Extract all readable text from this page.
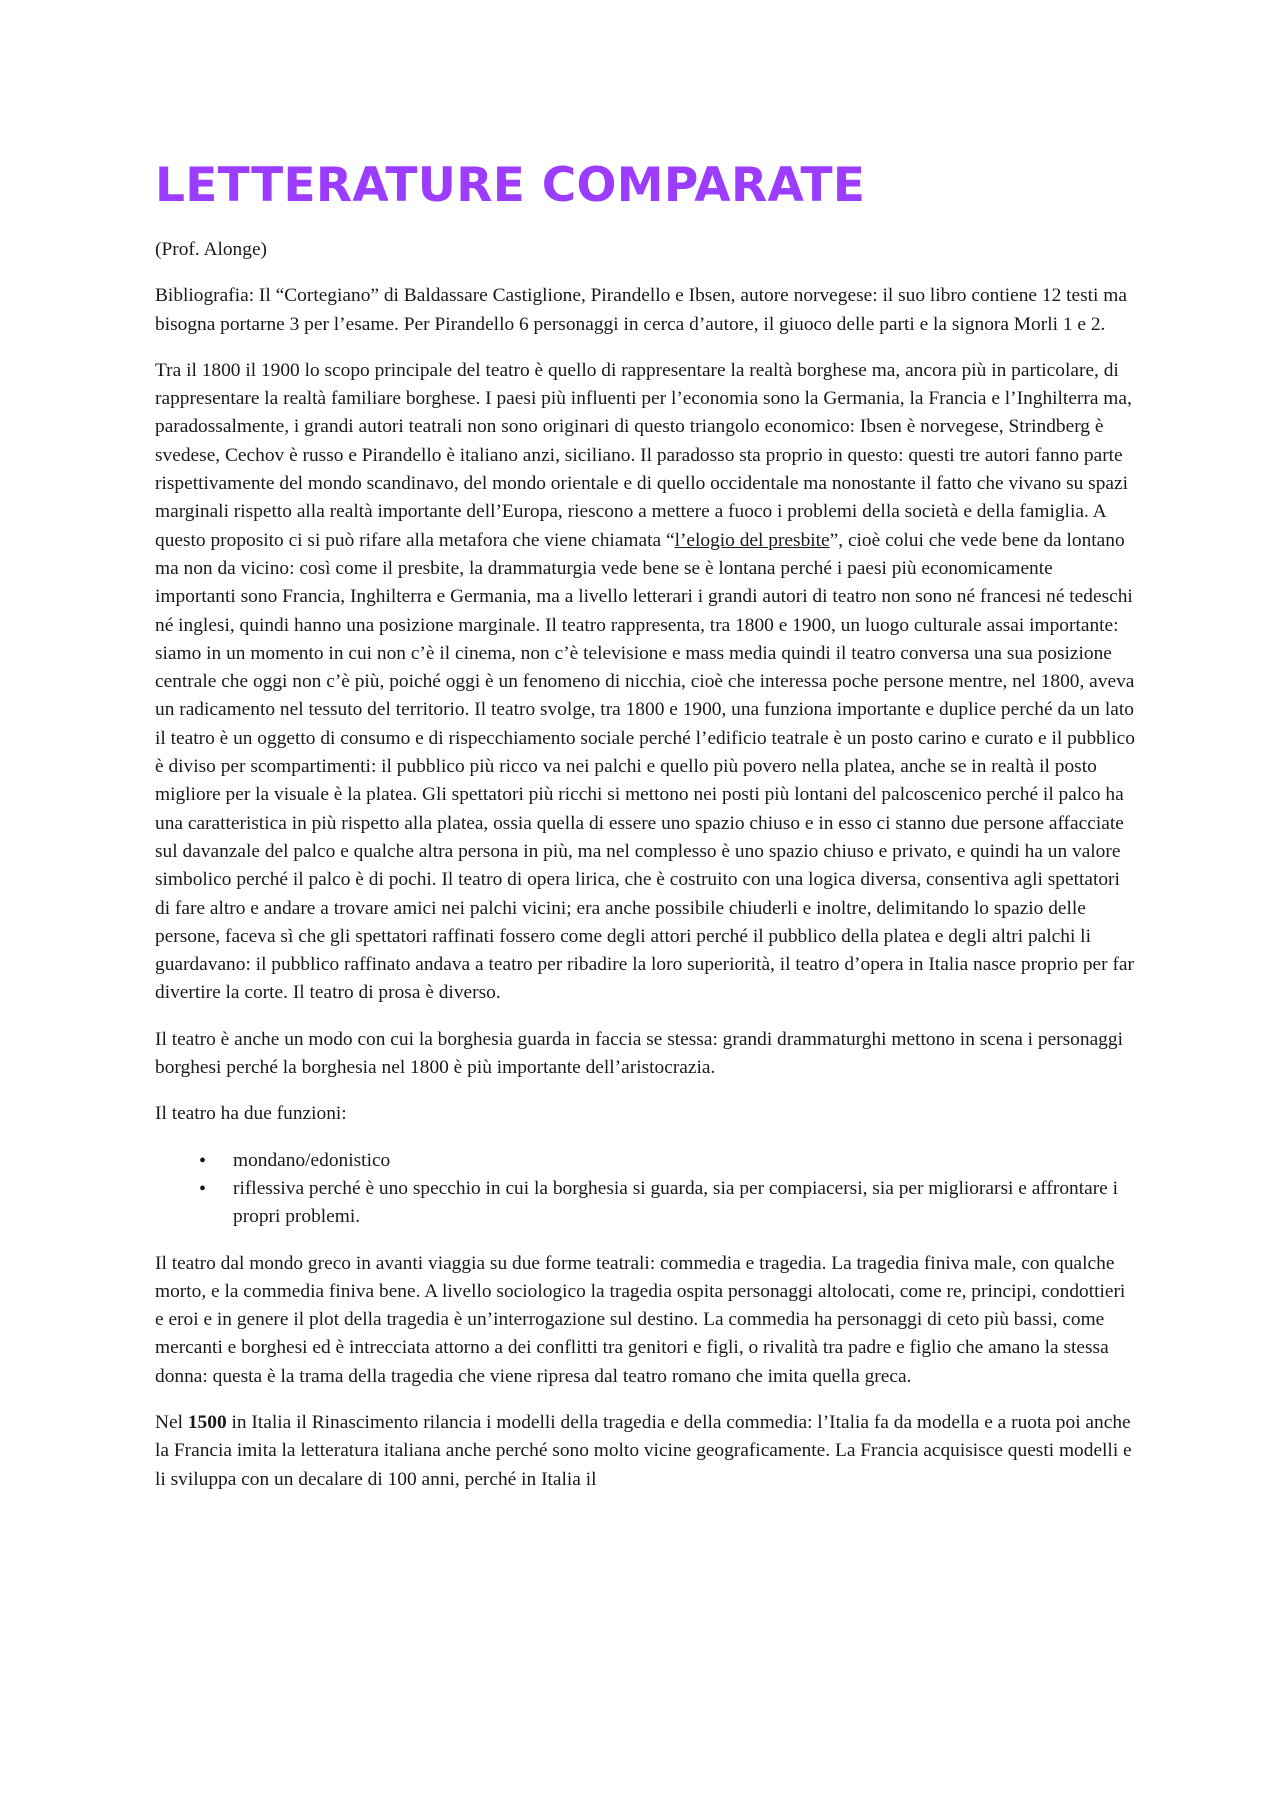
LETTERATURE COMPARATE

(Prof. Alonge)

Bibliografia: Il “Cortegiano” di Baldassare Castiglione, Pirandello e Ibsen, autore norvegese: il suo libro contiene 12 testi ma bisogna portarne 3 per l’esame. Per Pirandello 6 personaggi in cerca d’autore, il giuoco delle parti e la signora Morli 1 e 2.

Tra il 1800 il 1900 lo scopo principale del teatro è quello di rappresentare la realtà borghese ma, ancora più in particolare, di rappresentare la realtà familiare borghese. I paesi più influenti per l’economia sono la Germania, la Francia e l’Inghilterra ma, paradossalmente, i grandi autori teatrali non sono originari di questo triangolo economico: Ibsen è norvegese, Strindberg è svedese, Cechov è russo e Pirandello è italiano anzi, siciliano. Il paradosso sta proprio in questo: questi tre autori fanno parte rispettivamente del mondo scandinavo, del mondo orientale e di quello occidentale ma nonostante il fatto che vivano su spazi marginali rispetto alla realtà importante dell’Europa, riescono a mettere a fuoco i problemi della società e della famiglia. A questo proposito ci si può rifare alla metafora che viene chiamata “l’elogio del presbite”, cioè colui che vede bene da lontano ma non da vicino: così come il presbite, la drammaturgia vede bene se è lontana perché i paesi più economicamente importanti sono Francia, Inghilterra e Germania, ma a livello letterari i grandi autori di teatro non sono né francesi né tedeschi né inglesi, quindi hanno una posizione marginale. Il teatro rappresenta, tra 1800 e 1900, un luogo culturale assai importante: siamo in un momento in cui non c’è il cinema, non c’è televisione e mass media quindi il teatro conversa una sua posizione centrale che oggi non c’è più, poiché oggi è un fenomeno di nicchia, cioè che interessa poche persone mentre, nel 1800, aveva un radicamento nel tessuto del territorio. Il teatro svolge, tra 1800 e 1900, una funziona importante e duplice perché da un lato il teatro è un oggetto di consumo e di rispecchiamento sociale perché l’edificio teatrale è un posto carino e curato e il pubblico è diviso per scompartimenti: il pubblico più ricco va nei palchi e quello più povero nella platea, anche se in realtà il posto migliore per la visuale è la platea. Gli spettatori più ricchi si mettono nei posti più lontani del palcoscenico perché il palco ha una caratteristica in più rispetto alla platea, ossia quella di essere uno spazio chiuso e in esso ci stanno due persone affacciate sul davanzale del palco e qualche altra persona in più, ma nel complesso è uno spazio chiuso e privato, e quindi ha un valore simbolico perché il palco è di pochi. Il teatro di opera lirica, che è costruito con una logica diversa, consentiva agli spettatori di fare altro e andare a trovare amici nei palchi vicini; era anche possibile chiuderli e inoltre, delimitando lo spazio delle persone, faceva sì che gli spettatori raffinati fossero come degli attori perché il pubblico della platea e degli altri palchi li guardavano: il pubblico raffinato andava a teatro per ribadire la loro superiorità, il teatro d’opera in Italia nasce proprio per far divertire la corte. Il teatro di prosa è diverso.

Il teatro è anche un modo con cui la borghesia guarda in faccia se stessa: grandi drammaturghi mettono in scena i personaggi borghesi perché la borghesia nel 1800 è più importante dell’aristocrazia.

Il teatro ha due funzioni:

• mondano/edonistico
• riflessiva perché è uno specchio in cui la borghesia si guarda, sia per compiacersi, sia per migliorarsi e affrontare i propri problemi.

Il teatro dal mondo greco in avanti viaggia su due forme teatrali: commedia e tragedia. La tragedia finiva male, con qualche morto, e la commedia finiva bene. A livello sociologico la tragedia ospita personaggi altolocati, come re, principi, condottieri e eroi e in genere il plot della tragedia è un’interrogazione sul destino. La commedia ha personaggi di ceto più bassi, come mercanti e borghesi ed è intrecciata attorno a dei conflitti tra genitori e figli, o rivalità tra padre e figlio che amano la stessa donna: questa è la trama della tragedia che viene ripresa dal teatro romano che imita quella greca.

Nel 1500 in Italia il Rinascimento rilancia i modelli della tragedia e della commedia: l’Italia fa da modella e a ruota poi anche la Francia imita la letteratura italiana anche perché sono molto vicine geograficamente. La Francia acquisisce questi modelli e li sviluppa con un decalare di 100 anni, perché in Italia il
